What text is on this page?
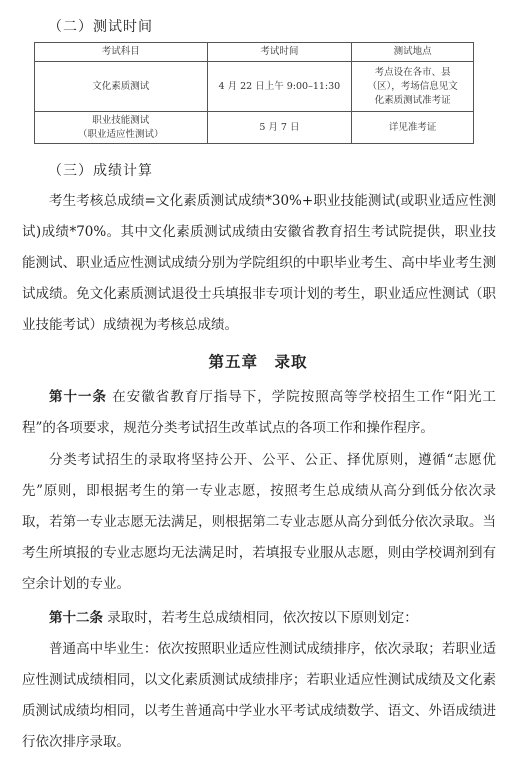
（二）测试时间
考试科目	考试时间	测试地点

文化素质测试	4 月 22 日上午 9:00–11:30	考点设在各市、县
（区），考场信息见文
化素质测试准考证

职业技能测试
（职业适应性测试）	5 月 7 日	详见准考证
（三）成绩计算

考生考核总成绩=文化素质测试成绩*30%+职业技能测试(或职业适应性测试)成绩*70%。其中文化素质测试成绩由安徽省教育招生考试院提供，职业技能测试、职业适应性测试成绩分别为学院组织的中职毕业考生、高中毕业考生测试成绩。免文化素质测试退役士兵填报非专项计划的考生，职业适应性测试（职业技能考试）成绩视为考核总成绩。

第五章　录取

第十一条 在安徽省教育厅指导下，学院按照高等学校招生工作“阳光工程”的各项要求，规范分类考试招生改革试点的各项工作和操作程序。

分类考试招生的录取将坚持公开、公平、公正、择优原则，遵循“志愿优先”原则，即根据考生的第一专业志愿，按照考生总成绩从高分到低分依次录取，若第一专业志愿无法满足，则根据第二专业志愿从高分到低分依次录取。当考生所填报的专业志愿均无法满足时，若填报专业服从志愿，则由学校调剂到有空余计划的专业。

第十二条 录取时，若考生总成绩相同，依次按以下原则划定：

普通高中毕业生：依次按照职业适应性测试成绩排序，依次录取；若职业适应性测试成绩相同，以文化素质测试成绩排序；若职业适应性测试成绩及文化素质测试成绩均相同，以考生普通高中学业水平考试成绩数学、语文、外语成绩进行依次排序录取。
